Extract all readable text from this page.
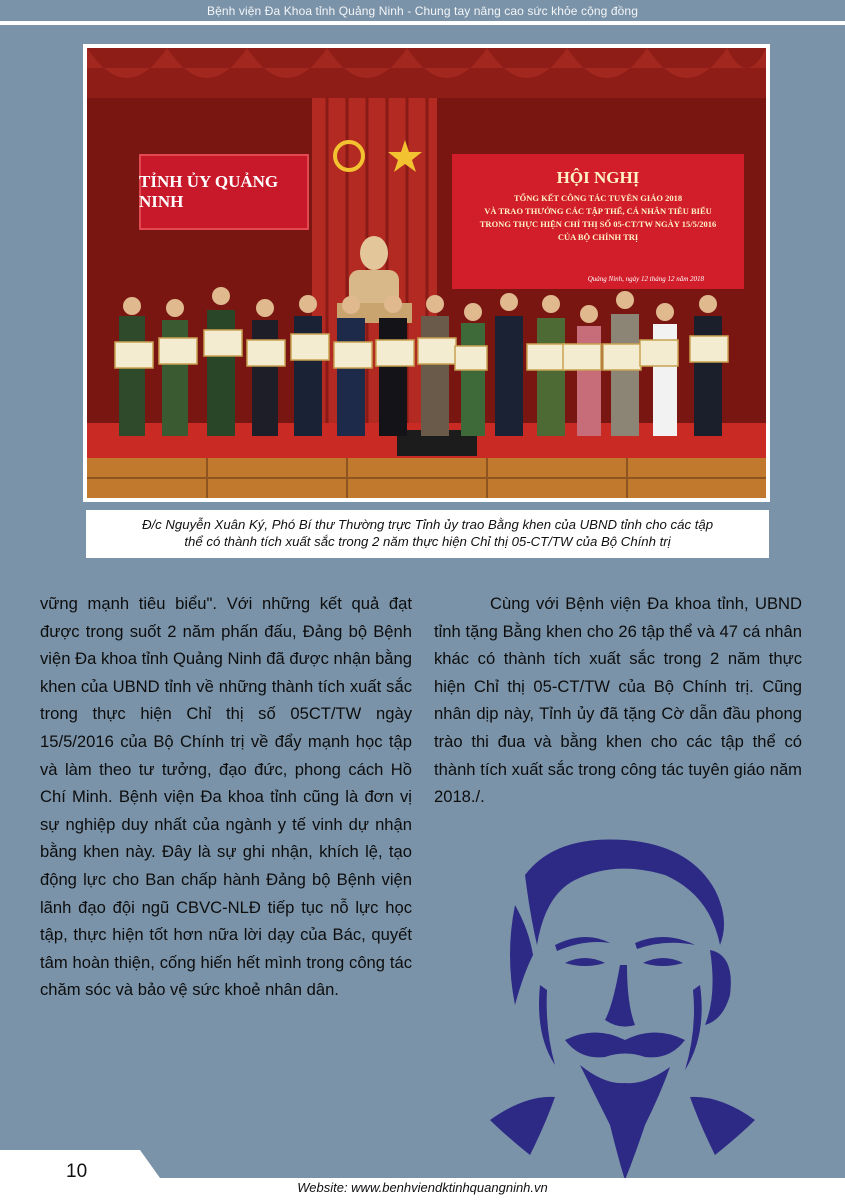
Bệnh viện Đa Khoa tỉnh Quảng Ninh - Chung tay nâng cao sức khỏe cộng đồng
TỈNH ỦY QUẢNG NINH
HỘI NGHỊ
TỔNG KẾT CÔNG TÁC TUYÊN GIÁO 2018
VÀ TRAO THƯỞNG CÁC TẬP THỂ, CÁ NHÂN TIÊU BIỂU
TRONG THỰC HIỆN CHỈ THỊ SỐ 05-CT/TW NGÀY 15/5/2016
CỦA BỘ CHÍNH TRỊ
Quảng Ninh, ngày 12 tháng 12 năm 2018
Đ/c Nguyễn Xuân Ký, Phó Bí thư Thường trực Tỉnh ủy trao Bằng khen của UBND tỉnh cho các tập
thể có thành tích xuất sắc trong 2 năm thực hiện Chỉ thị 05-CT/TW của Bộ Chính trị

vững mạnh tiêu biểu". Với những kết quả đạt được trong suốt 2 năm phấn đấu, Đảng bộ Bệnh viện Đa khoa tỉnh Quảng Ninh đã được nhận bằng khen của UBND tỉnh về những thành tích xuất sắc trong thực hiện Chỉ thị số 05CT/TW ngày 15/5/2016 của Bộ Chính trị về đẩy mạnh học tập và làm theo tư tưởng, đạo đức, phong cách Hồ Chí Minh. Bệnh viện Đa khoa tỉnh cũng là đơn vị sự nghiệp duy nhất của ngành y tế vinh dự nhận bằng khen này. Đây là sự ghi nhận, khích lệ, tạo động lực cho Ban chấp hành Đảng bộ Bệnh viện lãnh đạo đội ngũ CBVC-NLĐ tiếp tục nỗ lực học tập, thực hiện tốt hơn nữa lời dạy của Bác, quyết tâm hoàn thiện, cống hiến hết mình trong công tác chăm sóc và bảo vệ sức khoẻ nhân dân.

Cùng với Bệnh viện Đa khoa tỉnh, UBND tỉnh tặng Bằng khen cho 26 tập thể và 47 cá nhân khác có thành tích xuất sắc trong 2 năm thực hiện Chỉ thị 05-CT/TW của Bộ Chính trị. Cũng nhân dịp này, Tỉnh ủy đã tặng Cờ dẫn đầu phong trào thi đua và bằng khen cho các tập thể có thành tích xuất sắc trong công tác tuyên giáo năm 2018./.

10
Website: www.benhviendktinhquangninh.vn
